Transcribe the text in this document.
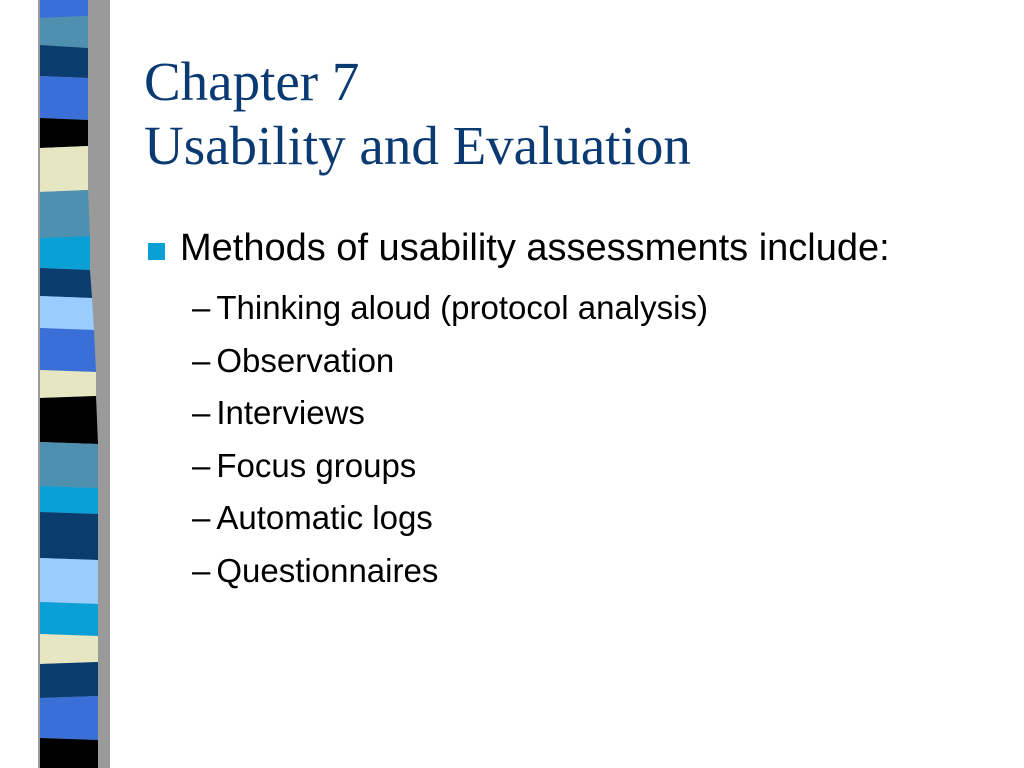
Chapter 7
Usability and Evaluation
Methods of usability assessments include:
– Thinking aloud (protocol analysis)
– Observation
– Interviews
– Focus groups
– Automatic logs
– Questionnaires
